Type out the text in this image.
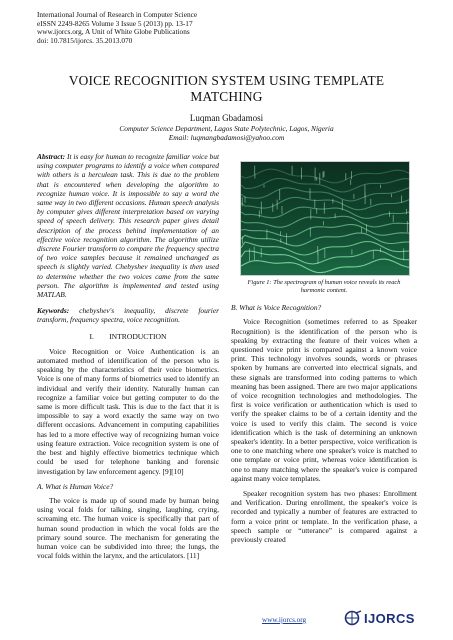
International Journal of Research in Computer Science
eISSN 2249-8265 Volume 3 Issue 5 (2013) pp. 13-17
www.ijorcs.org, A Unit of White Globe Publications
doi: 10.7815/ijorcs. 35.2013.070
VOICE RECOGNITION SYSTEM USING TEMPLATE
MATCHING
Luqman Gbadamosi
Computer Science Department, Lagos State Polytechnic, Lagos, Nigeria
Email: luqmangbadamosi@yahoo.com

Abstract: It is easy for human to recognize familiar voice but using computer programs to identify a voice when compared with others is a herculean task. This is due to the problem that is encountered when developing the algorithm to recognize human voice. It is impossible to say a word the same way in two different occasions. Human speech analysis by computer gives different interpretation based on varying speed of speech delivery. This research paper gives detail description of the process behind implementation of an effective voice recognition algorithm. The algorithm utilize discrete Fourier transform to compare the frequency spectra of two voice samples because it remained unchanged as speech is slightly varied. Chebyshev inequality is then used to determine whether the two voices came from the same person. The algorithm is implemented and tested using MATLAB.

Keywords: chebyshev's inequality, discrete fourier transform, frequency spectra, voice recognition.

I.        INTRODUCTION

Voice Recognition or Voice Authentication is an automated method of identification of the person who is speaking by the characteristics of their voice biometrics. Voice is one of many forms of biometrics used to identify an individual and verify their identity. Naturally human can recognize a familiar voice but getting computer to do the same is more difficult task. This is due to the fact that it is impossible to say a word exactly the same way on two different occasions. Advancement in computing capabilities has led to a more effective way of recognizing human voice using feature extraction. Voice recognition system is one of the best and highly effective biometrics technique which could be used for telephone banking and forensic investigation by law enforcement agency. [9][10]

A. What is Human Voice?

The voice is made up of sound made by human being using vocal folds for talking, singing, laughing, crying, screaming etc. The human voice is specifically that part of human sound production in which the vocal folds are the primary sound source. The mechanism for generating the human voice can be subdivided into three; the lungs, the vocal folds within the larynx, and the articulators. [11]

Figure 1: The spectrogram of human voice reveals its reach harmonic content.
B. What is Voice Recognition?

Voice Recognition (sometimes referred to as Speaker Recognition) is the identification of the person who is speaking by extracting the feature of their voices when a questioned voice print is compared against a known voice print. This technology involves sounds, words or phrases spoken by humans are converted into electrical signals, and these signals are transformed into coding patterns to which meaning has been assigned. There are two major applications of voice recognition technologies and methodologies. The first is voice verification or authentication which is used to verify the speaker claims to be of a certain identity and the voice is used to verify this claim. The second is voice identification which is the task of determining an unknown speaker's identity. In a better perspective, voice verification is one to one matching where one speaker's voice is matched to one template or voice print, whereas voice identification is one to many matching where the speaker's voice is compared against many voice templates.

Speaker recognition system has two phases: Enrollment and Verification. During enrollment, the speaker's voice is recorded and typically a number of features are extracted to form a voice print or template. In the verification phase, a speech sample or “utterance” is compared against a previously created

www.ijorcs.org	IJORCS
